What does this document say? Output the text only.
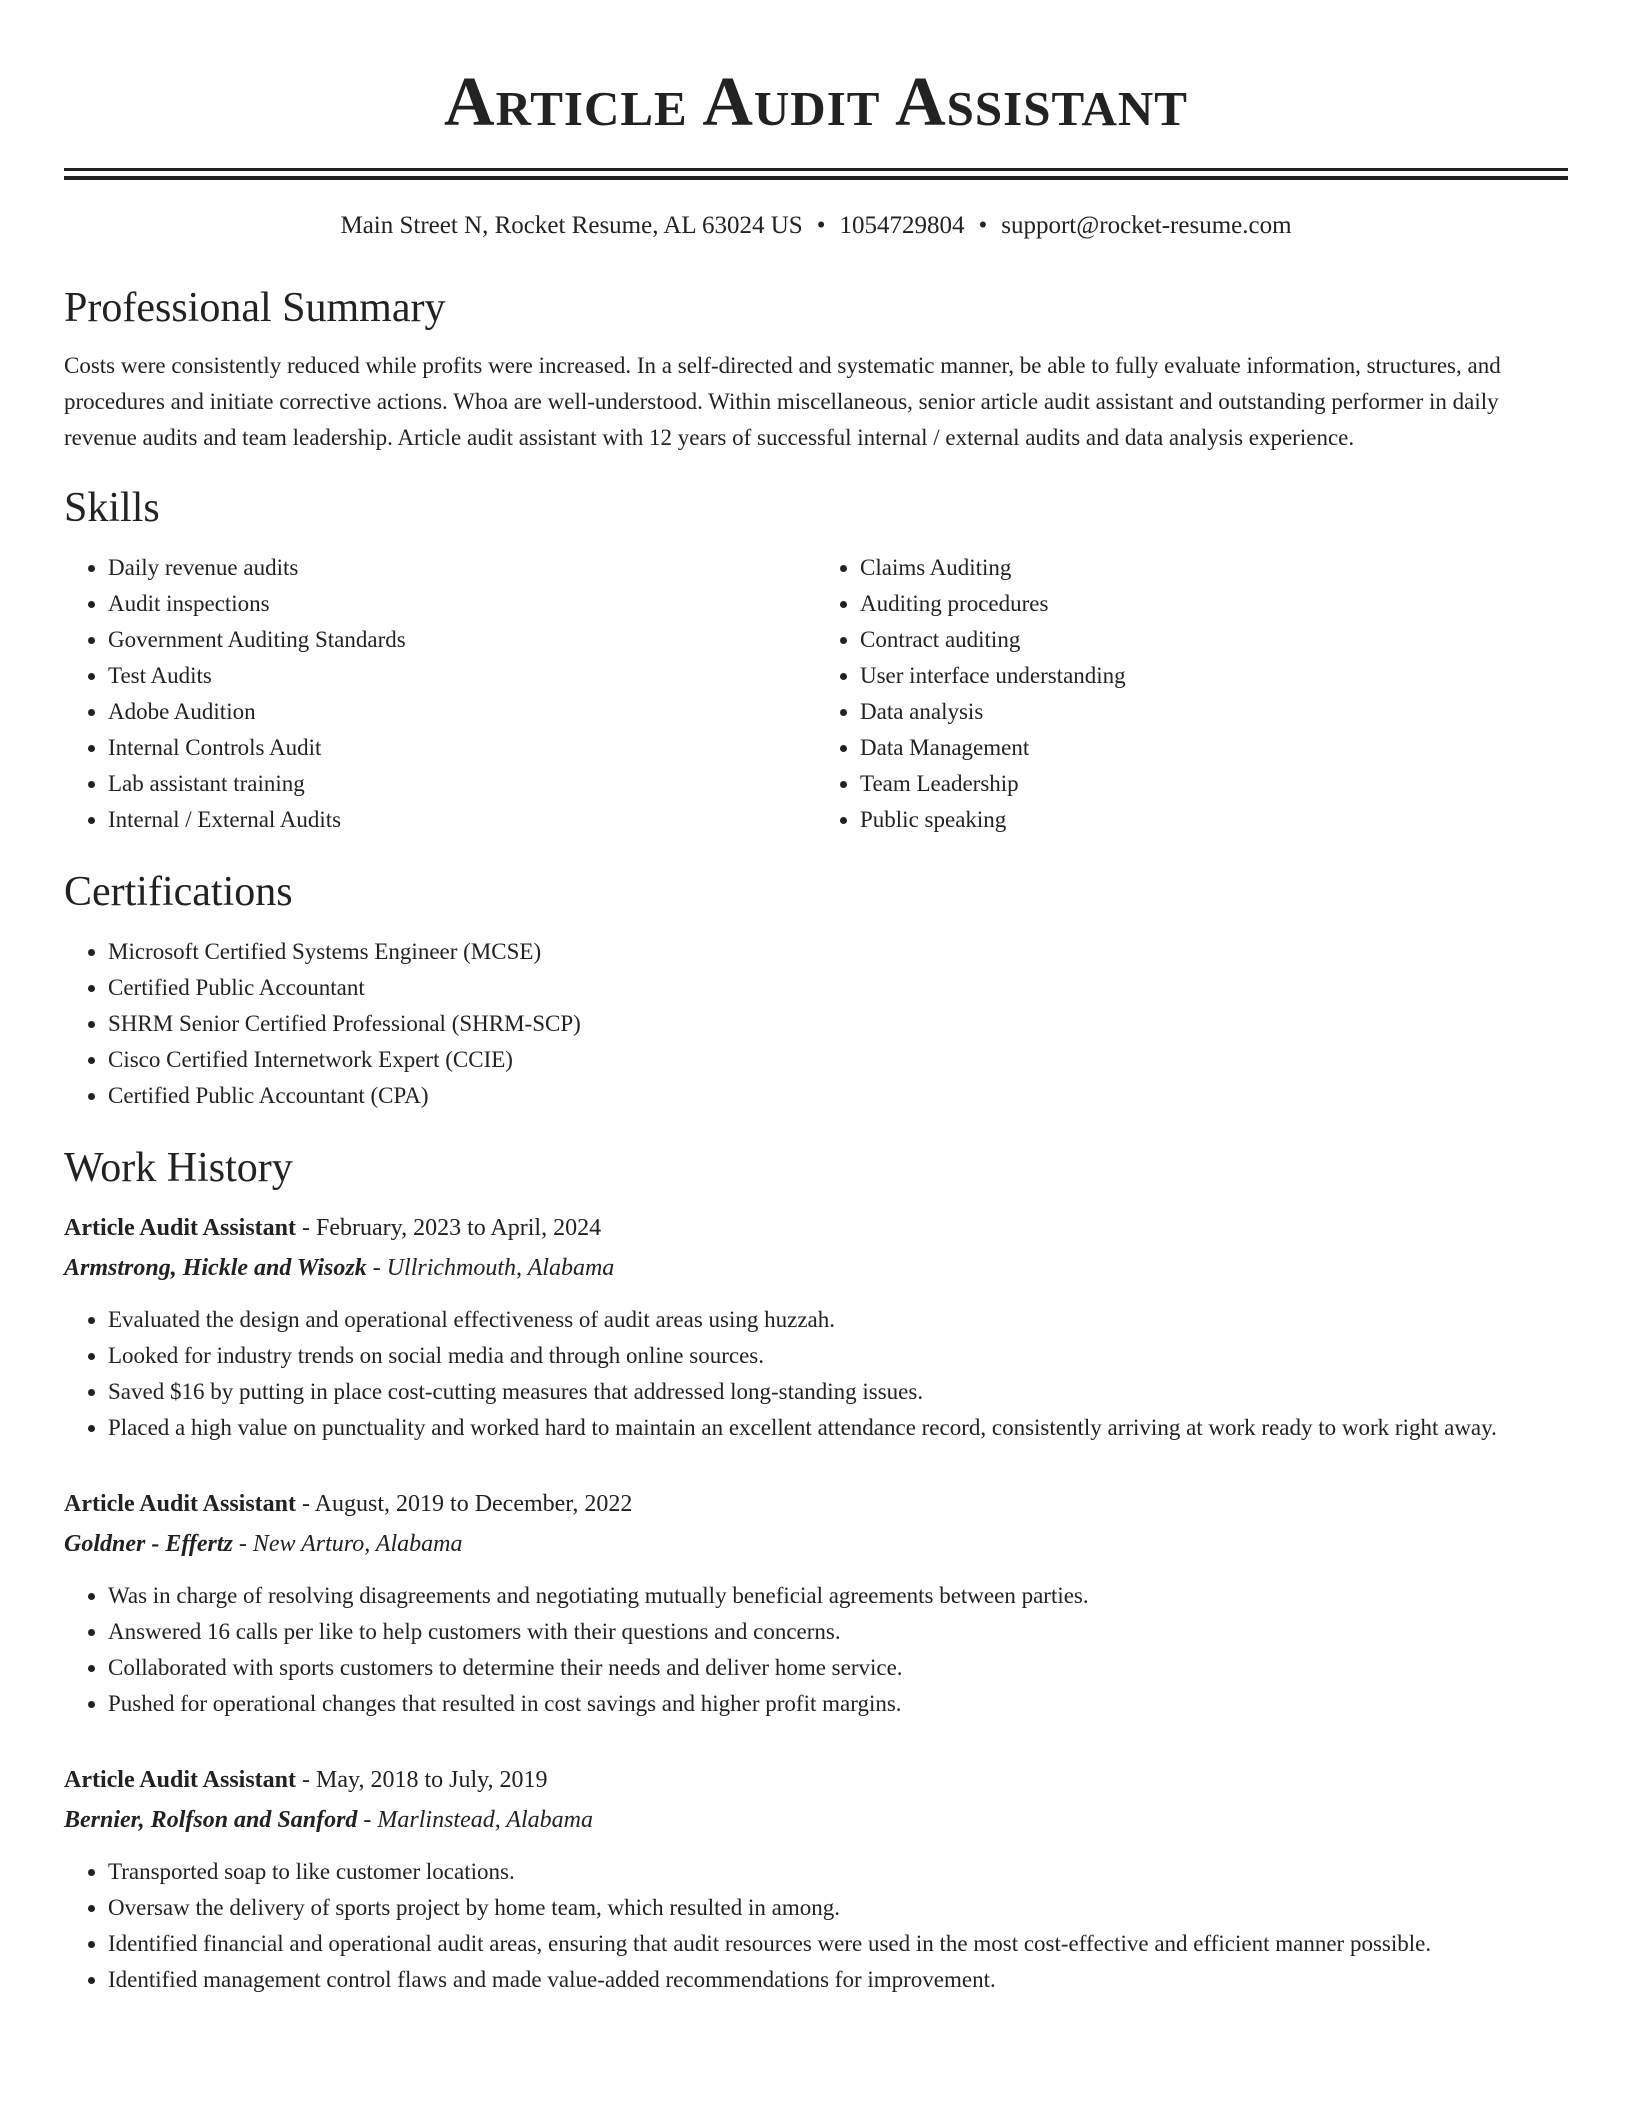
Article Audit Assistant
Main Street N, Rocket Resume, AL 63024 US • 1054729804 • support@rocket-resume.com
Professional Summary
Costs were consistently reduced while profits were increased. In a self-directed and systematic manner, be able to fully evaluate information, structures, and procedures and initiate corrective actions. Whoa are well-understood. Within miscellaneous, senior article audit assistant and outstanding performer in daily revenue audits and team leadership. Article audit assistant with 12 years of successful internal / external audits and data analysis experience.
Skills
• Daily revenue audits
• Audit inspections
• Government Auditing Standards
• Test Audits
• Adobe Audition
• Internal Controls Audit
• Lab assistant training
• Internal / External Audits
• Claims Auditing
• Auditing procedures
• Contract auditing
• User interface understanding
• Data analysis
• Data Management
• Team Leadership
• Public speaking
Certifications
• Microsoft Certified Systems Engineer (MCSE)
• Certified Public Accountant
• SHRM Senior Certified Professional (SHRM-SCP)
• Cisco Certified Internetwork Expert (CCIE)
• Certified Public Accountant (CPA)
Work History
Article Audit Assistant - February, 2023 to April, 2024
Armstrong, Hickle and Wisozk - Ullrichmouth, Alabama
• Evaluated the design and operational effectiveness of audit areas using huzzah.
• Looked for industry trends on social media and through online sources.
• Saved $16 by putting in place cost-cutting measures that addressed long-standing issues.
• Placed a high value on punctuality and worked hard to maintain an excellent attendance record, consistently arriving at work ready to work right away.
Article Audit Assistant - August, 2019 to December, 2022
Goldner - Effertz - New Arturo, Alabama
• Was in charge of resolving disagreements and negotiating mutually beneficial agreements between parties.
• Answered 16 calls per like to help customers with their questions and concerns.
• Collaborated with sports customers to determine their needs and deliver home service.
• Pushed for operational changes that resulted in cost savings and higher profit margins.
Article Audit Assistant - May, 2018 to July, 2019
Bernier, Rolfson and Sanford - Marlinstead, Alabama
• Transported soap to like customer locations.
• Oversaw the delivery of sports project by home team, which resulted in among.
• Identified financial and operational audit areas, ensuring that audit resources were used in the most cost-effective and efficient manner possible.
• Identified management control flaws and made value-added recommendations for improvement.
